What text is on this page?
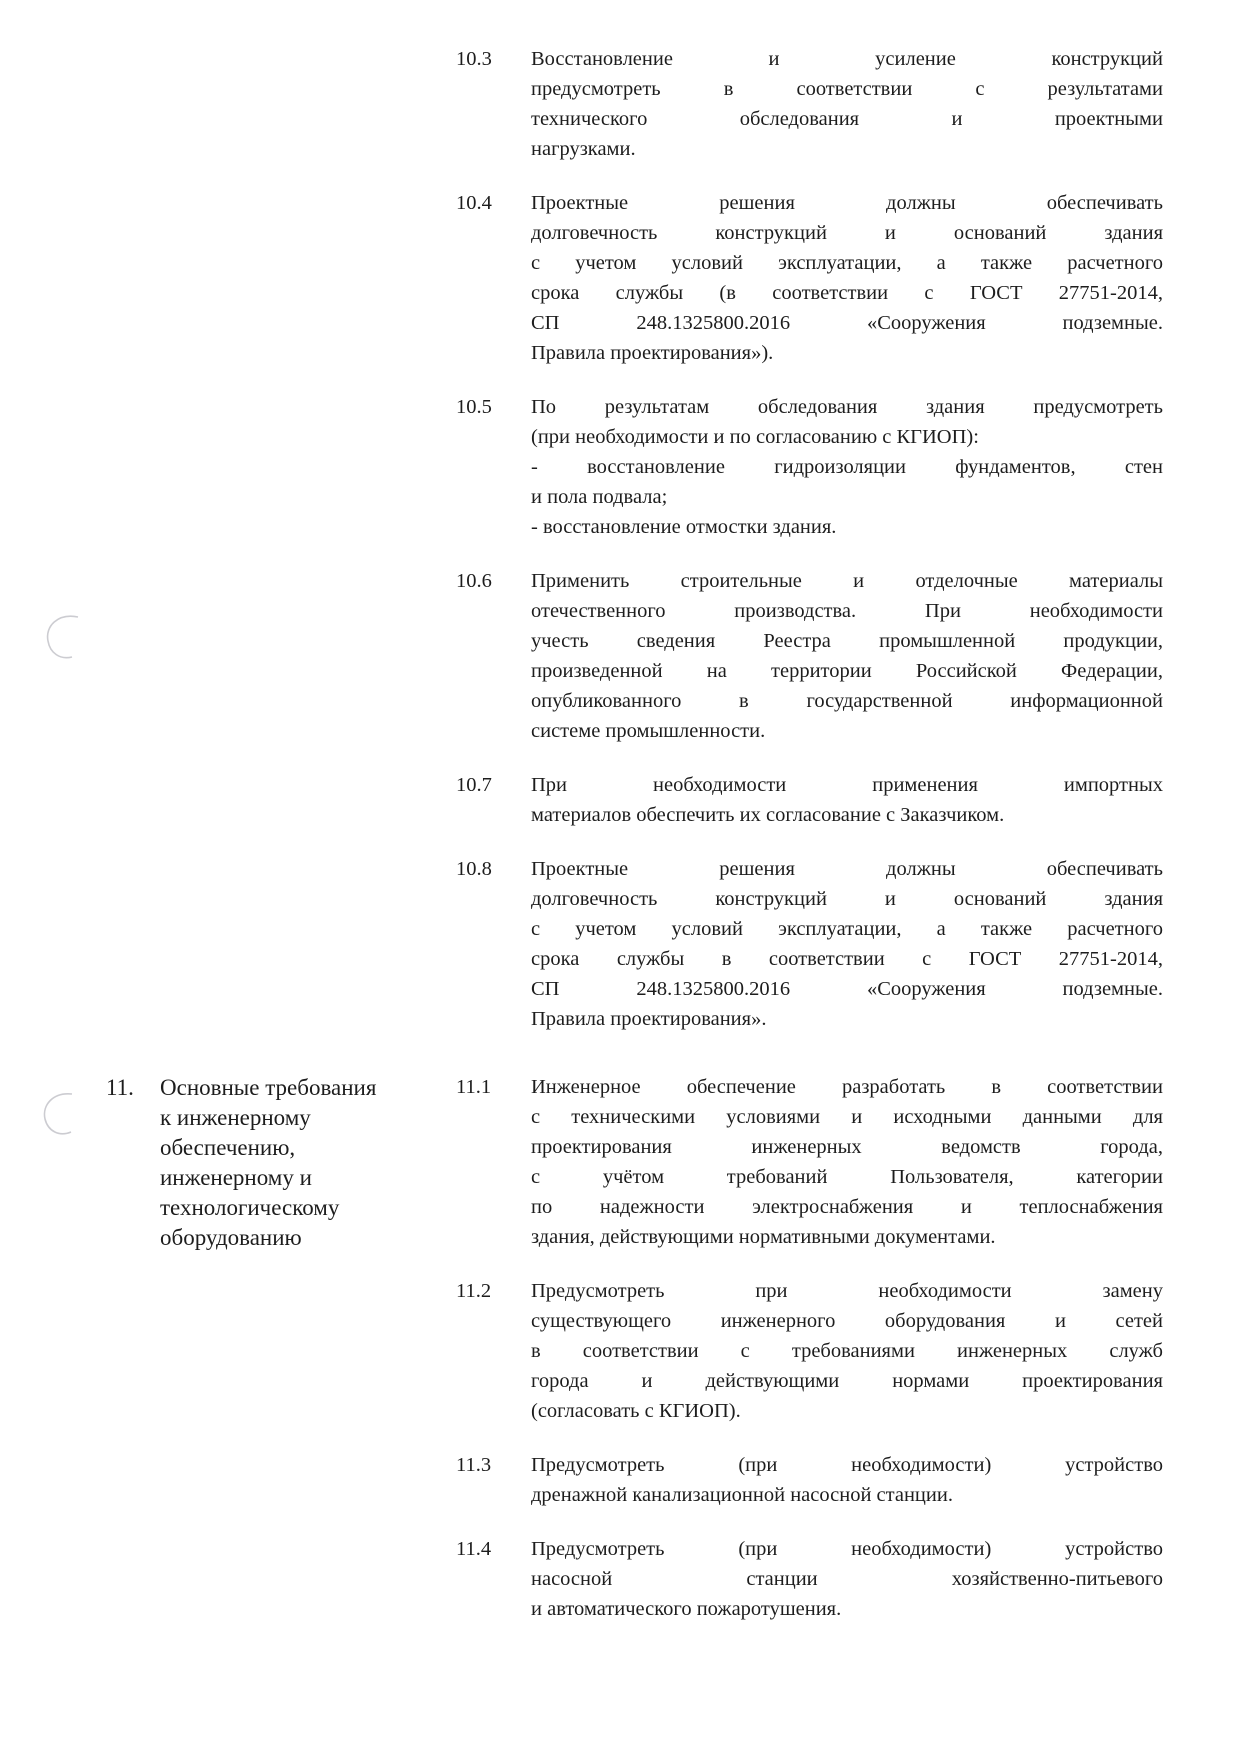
10.3 Восстановление и усиление конструкций
предусмотреть в соответствии с результатами
технического обследования и проектными
нагрузками.
10.4 Проектные решения должны обеспечивать
долговечность конструкций и оснований здания
с учетом условий эксплуатации, а также расчетного
срока службы (в соответствии с ГОСТ 27751-2014,
СП 248.1325800.2016 «Сооружения подземные.
Правила проектирования»).
10.5 По результатам обследования здания предусмотреть
(при необходимости и по согласованию с КГИОП):
- восстановление гидроизоляции фундаментов, стен
и пола подвала;
- восстановление отмостки здания.
10.6 Применить строительные и отделочные материалы
отечественного производства. При необходимости
учесть сведения Реестра промышленной продукции,
произведенной на территории Российской Федерации,
опубликованного в государственной информационной
системе промышленности.
10.7 При необходимости применения импортных
материалов обеспечить их согласование с Заказчиком.
10.8 Проектные решения должны обеспечивать
долговечность конструкций и оснований здания
с учетом условий эксплуатации, а также расчетного
срока службы в соответствии с ГОСТ 27751-2014,
СП 248.1325800.2016 «Сооружения подземные.
Правила проектирования».
11. Основные требования
к инженерному
обеспечению,
инженерному и
технологическому
оборудованию
11.1 Инженерное обеспечение разработать в соответствии
с техническими условиями и исходными данными для
проектирования инженерных ведомств города,
с учётом требований Пользователя, категории
по надежности электроснабжения и теплоснабжения
здания, действующими нормативными документами.
11.2 Предусмотреть при необходимости замену
существующего инженерного оборудования и сетей
в соответствии с требованиями инженерных служб
города и действующими нормами проектирования
(согласовать с КГИОП).
11.3 Предусмотреть (при необходимости) устройство
дренажной канализационной насосной станции.
11.4 Предусмотреть (при необходимости) устройство
насосной станции хозяйственно-питьевого
и автоматического пожаротушения.
